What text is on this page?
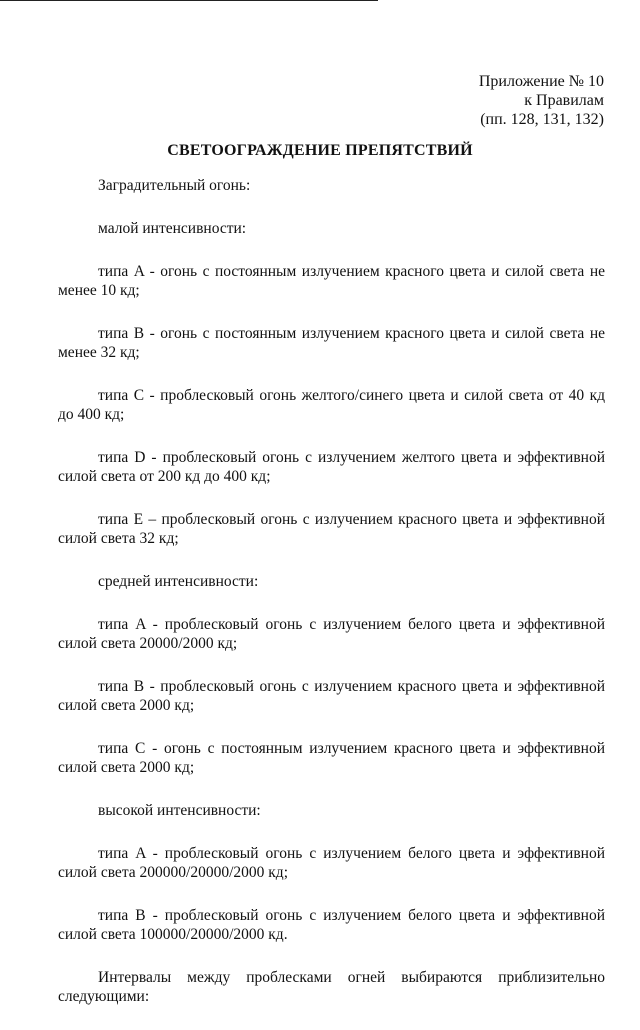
Приложение № 10
к Правилам
(пп. 128, 131, 132)
СВЕТООГРАЖДЕНИЕ ПРЕПЯТСТВИЙ

Заградительный огонь:

малой интенсивности:

типа A - огонь с постоянным излучением красного цвета и силой света не менее 10 кд;

типа B - огонь с постоянным излучением красного цвета и силой света не менее 32 кд;

типа C - проблесковый огонь желтого/синего цвета и силой света от 40 кд до 400 кд;

типа D - проблесковый огонь с излучением желтого цвета и эффективной силой света от 200 кд до 400 кд;

типа E – проблесковый огонь с излучением красного цвета и эффективной силой света 32 кд;

средней интенсивности:

типа A - проблесковый огонь с излучением белого цвета и эффективной силой света 20000/2000 кд;

типа B - проблесковый огонь с излучением красного цвета и эффективной силой света 2000 кд;

типа C - огонь с постоянным излучением красного цвета и эффективной силой света 2000 кд;

высокой интенсивности:

типа A - проблесковый огонь с излучением белого цвета и эффективной силой света 200000/20000/2000 кд;

типа B - проблесковый огонь с излучением белого цвета и эффективной силой света 100000/20000/2000 кд.

Интервалы между проблесками огней выбираются приблизительно

следующими:
